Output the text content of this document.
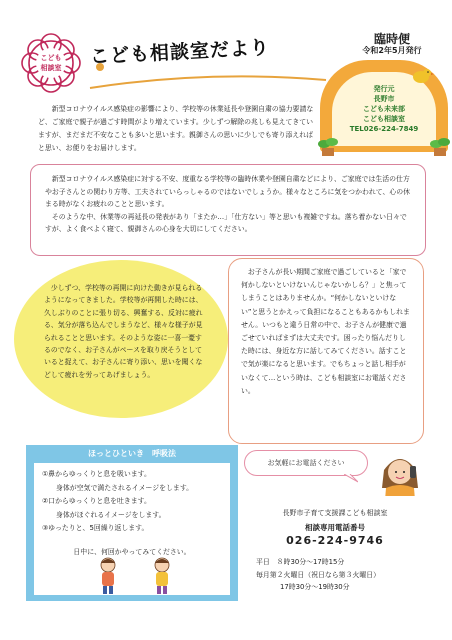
こども
相談室
こども相談室だより	臨時便
令和2年5月発行
発行元
長野市
こども未来部
こども相談室
TEL026-224-7849
新型コロナウイルス感染症の影響により、学校等の休業延長や登園自粛の協力要請など、ご家庭で親子が過ごす時間がより増えています。少しずつ解除の兆しも見えてきていますが、まだまだ不安なことも多いと思います。親御さんの思いに少しでも寄り添えればと思い、お便りをお届けします。

新型コロナウイルス感染症に対する不安、度重なる学校等の臨時休業や登園自粛などにより、ご家庭では生活の仕方やお子さんとの関わり方等、工夫されていらっしゃるのではないでしょうか。様々なところに気をつかわれて、心の休まる時がなくお疲れのことと思います。

そのような中、休業等の再延長の発表があり「またか…」「仕方ない」等と思いも複雑ですね。落ち着かない日々ですが、よく食べよく寝て、親御さんの心身を大切にしてください。

少しずつ、学校等の再開に向けた動きが見られるようになってきました。学校等が再開した時には、久しぶりのことに張り切る、興奮する、反対に疲れる、気分が落ち込んでしまうなど、様々な様子が見られることと思います。そのような姿に一喜一憂するのでなく、お子さんがペースを取り戻そうとしていると捉えて、お子さんに寄り添い、思いを聞くなどして疲れを労ってあげましょう。

お子さんが長い期間ご家庭で過ごしていると「家で何かしないといけないんじゃないかしら？」と焦ってしまうことはありませんか。“何かしないといけない”と思うとかえって負担になることもあるかもしれません。いつもと違う日常の中で、お子さんが健康で過ごせていればまずは大丈夫です。困ったり悩んだりした時には、身近な方に話してみてください。話すことで気が楽になると思います。でもちょっと話し相手がいなくて…という時は、こども相談室にお電話ください。

ほっとひといき　呼吸法
①鼻からゆっくりと息を吸います。
身体が空気で満たされるイメージをします。
②口からゆっくりと息を吐きます。
身体がほぐれるイメージをします。
③ゆったりと、5回繰り返します。
日中に、何回かやってみてください。
お気軽にお電話ください
長野市子育て支援課こども相談室
相談専用電話番号
026-224-9746
平日　８時30分〜17時15分
毎月第２火曜日（祝日なら第３火曜日）
17時30分〜19時30分
